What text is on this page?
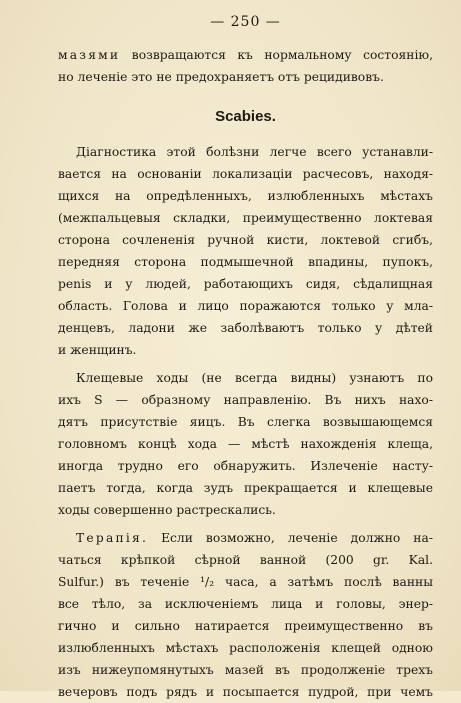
— 250 —
мазями возвращаются къ нормальному состоянію,
но леченіе это не предохраняетъ отъ рецидивовъ.
Scabies.
Діагностика этой болѣзни легче всего устанавли-
вается на основаніи локализаціи расчесовъ, находя-
щихся на опредѣленныхъ, излюбленныхъ мѣстахъ
(межпальцевыя складки, преимущественно локтевая
сторона сочлененія ручной кисти, локтевой сгибъ,
передняя сторона подмышечной впадины, пупокъ,
penis и у людей, работающихъ сидя, сѣдалищная
область. Голова и лицо поражаются только у мла-
денцевъ, ладони же заболѣваютъ только у дѣтей
и женщинъ.
Клещевые ходы (не всегда видны) узнаютъ по
ихъ S — образному направленію. Въ нихъ нахо-
дятъ присутствіе яицъ. Въ слегка возвышающемся
головномъ концѣ хода — мѣстѣ нахожденія клеща,
иногда трудно его обнаружить. Излеченіе насту-
паетъ тогда, когда зудъ прекращается и клещевые
ходы совершенно растрескались.
Терапія. Если возможно, леченіе должно на-
чаться крѣпкой сѣрной ванной (200 gr. Kal.
Sulfur.) въ теченіе ¹/₂ часа, а затѣмъ послѣ ванны
все тѣло, за исключеніемъ лица и головы, энер-
гично и сильно натирается преимущественно въ
излюбленныхъ мѣстахъ расположенія клещей одною
изъ нижеупомянутыхъ мазей въ продолженіе трехъ
вечеровъ подъ рядъ и посыпается пудрой, при чемъ
